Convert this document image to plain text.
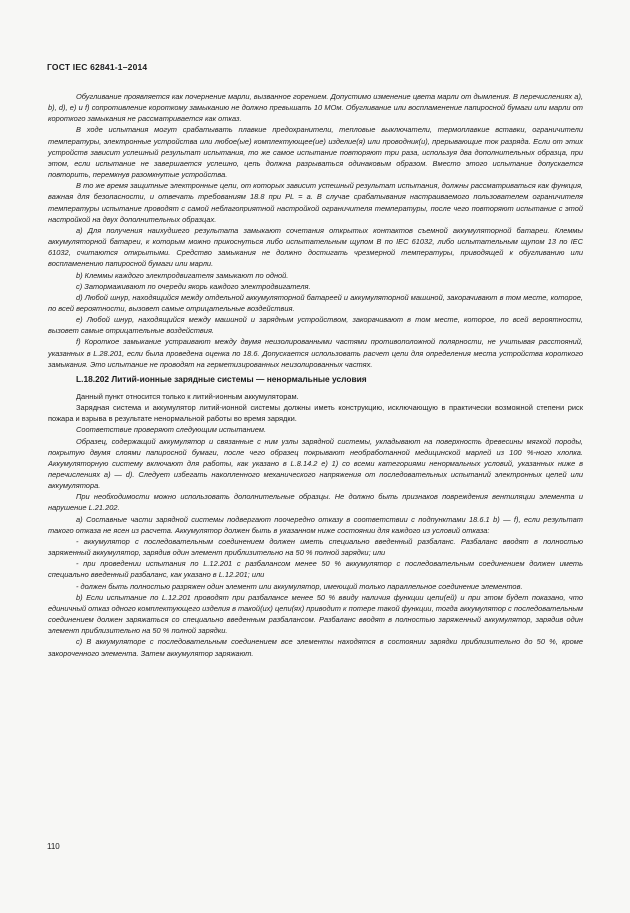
ГОСТ IEC 62841-1–2014

Обугливание проявляется как почернение марли, вызванное горением. Допустимо изменение цвета марли от дымления. В перечислениях а), b), d), е) и f) сопротивление короткому замыканию не должно превышать 10 МОм. Обугливание или воспламенение папиросной бумаги или марли от короткого замыкания не рассматривается как отказ.

В ходе испытания могут срабатывать плавкие предохранители, тепловые выключатели, термоплавкие вставки, ограничители температуры, электронные устройства или любое(ые) комплектующее(ие) изделие(я) или проводник(и), прерывающие ток разряда. Если от этих устройств зависит успешный результат испытания, то же самое испытание повторяют три раза, используя два дополнительных образца, при этом, если испытание не завершается успешно, цепь должна разрываться одинаковым образом. Вместо этого испытание допускается повторить, перемкнув разомкнутые устройства.

В то же время защитные электронные цепи, от которых зависит успешный результат испытания, должны рассматриваться как функция, важная для безопасности, и отвечать требованиям 18.8 при PL = а. В случае срабатывания настраиваемого пользователем ограничителя температуры испытание проводят с самой неблагоприятной настройкой ограничителя температуры, после чего повторяют испытание с этой настройкой на двух дополнительных образцах.

а) Для получения наихудшего результата замыкают сочетания открытых контактов съемной аккумуляторной батареи. Клеммы аккумуляторной батареи, к которым можно прикоснуться либо испытательным щупом В по IEC 61032, либо испытательным щупом 13 по IEC 61032, считаются открытыми. Средство замыкания не должно достигать чрезмерной температуры, приводящей к обугливанию или воспламенению папиросной бумаги или марли.

b) Клеммы каждого электродвигателя замыкают по одной.

с) Затормаживают по очереди якорь каждого электродвигателя.

d) Любой шнур, находящийся между отдельной аккумуляторной батареей и аккумуляторной машиной, закорачивают в том месте, которое, по всей вероятности, вызовет самые отрицательные воздействия.

е) Любой шнур, находящийся между машиной и зарядным устройством, закорачивают в том месте, которое, по всей вероятности, вызовет самые отрицательные воздействия.

f) Короткое замыкание устраивают между двумя неизолированными частями противоположной полярности, не учитывая расстояний, указанных в L.28.201, если была проведена оценка по 18.6. Допускается использовать расчет цепи для определения места устройства короткого замыкания. Это испытание не проводят на герметизированных неизолированных частях.

L.18.202 Литий-ионные зарядные системы — ненормальные условия

Данный пункт относится только к литий-ионным аккумуляторам.

Зарядная система и аккумулятор литий-ионной системы должны иметь конструкцию, исключающую в практически возможной степени риск пожара и взрыва в результате ненормальной работы во время зарядки.

Соответствие проверяют следующим испытанием.

Образец, содержащий аккумулятор и связанные с ним узлы зарядной системы, укладывают на поверхность древесины мягкой породы, покрытую двумя слоями папиросной бумаги, после чего образец покрывают необработанной медицинской марлей из 100 %-ного хлопка. Аккумуляторную систему включают для работы, как указано в L.8.14.2 е) 1) со всеми категориями ненормальных условий, указанных ниже в перечислениях а) — d). Следует избегать накопленного механического напряжения от последовательных испытаний электронных цепей или аккумулятора.

При необходимости можно использовать дополнительные образцы. Не должно быть признаков повреждения вентиляции элемента и нарушение L.21.202.

а) Составные части зарядной системы подвергают поочередно отказу в соответствии с подпунктами 18.6.1 b) — f), если результат такого отказа не ясен из расчета. Аккумулятор должен быть в указанном ниже состоянии для каждого из условий отказа:

- аккумулятор с последовательным соединением должен иметь специально введенный разбаланс. Разбаланс вводят в полностью заряженный аккумулятор, зарядив один элемент приблизительно на 50 % полной зарядки; или

- при проведении испытания по L.12.201 с разбалансом менее 50 % аккумулятор с последовательным соединением должен иметь специально введенный разбаланс, как указано в L.12.201; или

- должен быть полностью разряжен один элемент или аккумулятор, имеющий только параллельное соединение элементов.

b) Если испытание по L.12.201 проводят при разбалансе менее 50 % ввиду наличия функции цепи(ей) и при этом будет показано, что единичный отказ одного комплектующего изделия в такой(их) цепи(ях) приводит к потере такой функции, тогда аккумулятор с последовательным соединением должен заряжаться со специально введенным разбалансом. Разбаланс вводят в полностью заряженный аккумулятор, зарядив один элемент приблизительно на 50 % полной зарядки.

с) В аккумуляторе с последовательным соединением все элементы находятся в состоянии зарядки приблизительно до 50 %, кроме закороченного элемента. Затем аккумулятор заряжают.

110
